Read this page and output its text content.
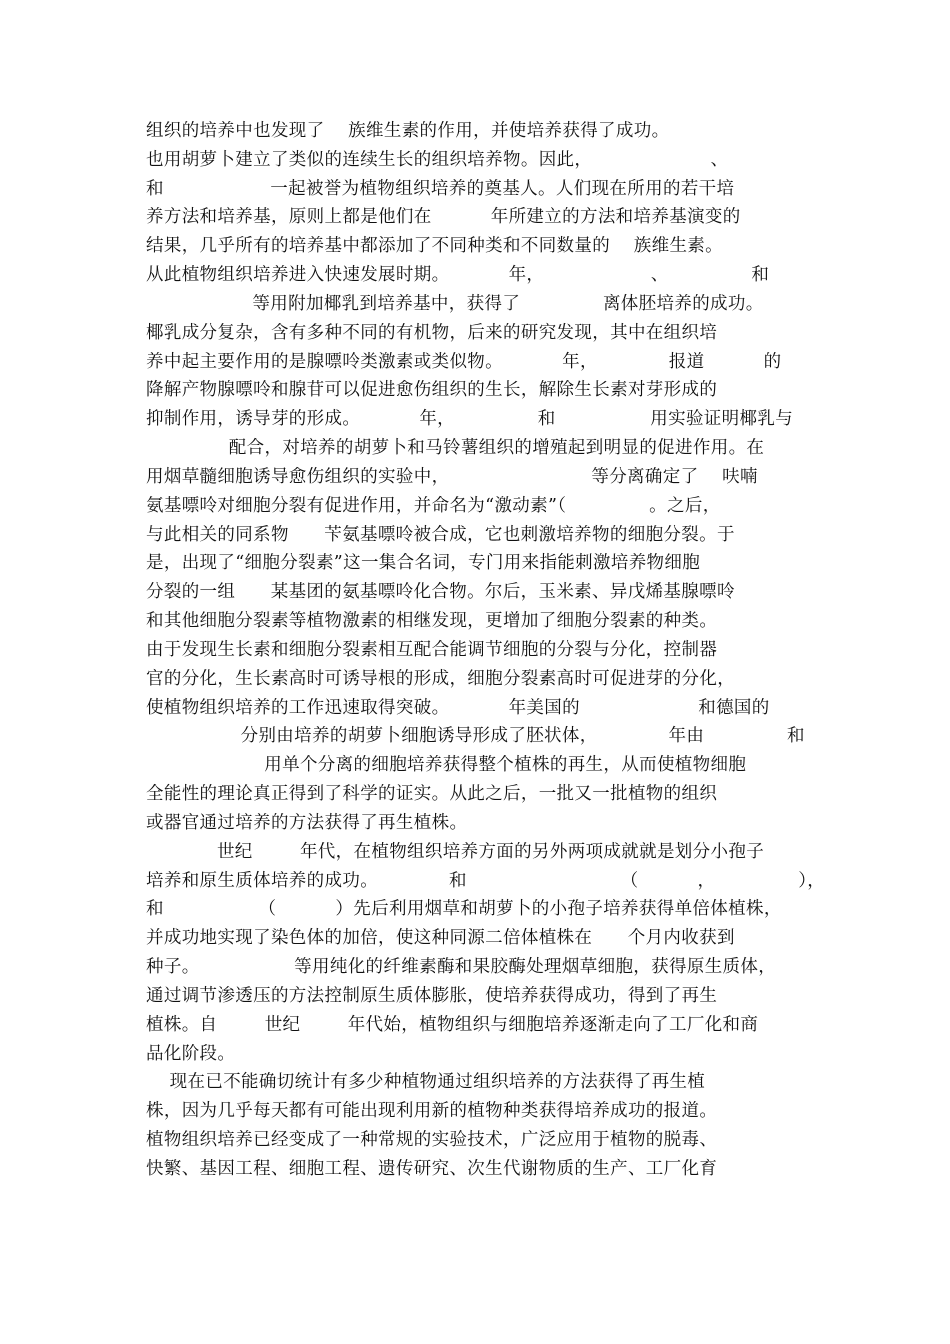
组织的培养中也发现了    族维生素的作用，并使培养获得了成功。
也用胡萝卜建立了类似的连续生长的组织培养物。因此，                    、
和                  一起被誉为植物组织培养的奠基人。人们现在所用的若干培
养方法和培养基，原则上都是他们在          年所建立的方法和培养基演变的
结果，几乎所有的培养基中都添加了不同种类和不同数量的    族维生素。
从此植物组织培养进入快速发展时期。          年，                  、              和
等用附加椰乳到培养基中，获得了              离体胚培养的成功。
椰乳成分复杂，含有多种不同的有机物，后来的研究发现，其中在组织培
养中起主要作用的是腺嘌呤类激素或类似物。          年，            报道          的
降解产物腺嘌呤和腺苷可以促进愈伤组织的生长，解除生长素对芽形成的
抑制作用，诱导芽的形成。          年，              和                用实验证明椰乳与
配合，对培养的胡萝卜和马铃薯组织的增殖起到明显的促进作用。在
用烟草髓细胞诱导愈伤组织的实验中，                        等分离确定了    呋喃
氨基嘌呤对细胞分裂有促进作用，并命名为“激动素”（              。之后，
与此相关的同系物      苄氨基嘌呤被合成，它也刺激培养物的细胞分裂。于
是，出现了“细胞分裂素”这一集合名词，专门用来指能刺激培养物细胞
分裂的一组      某基团的氨基嘌呤化合物。尔后，玉米素、异戊烯基腺嘌呤
和其他细胞分裂素等植物激素的相继发现，更增加了细胞分裂素的种类。
由于发现生长素和细胞分裂素相互配合能调节细胞的分裂与分化，控制器
官的分化，生长素高时可诱导根的形成，细胞分裂素高时可促进芽的分化，
使植物组织培养的工作迅速取得突破。          年美国的                    和德国的
分别由培养的胡萝卜细胞诱导形成了胚状体，            年由              和
用单个分离的细胞培养获得整个植株的再生，从而使植物细胞
全能性的理论真正得到了科学的证实。从此之后，一批又一批植物的组织
或器官通过培养的方法获得了再生植株。
世纪        年代，在植物组织培养方面的另外两项成就就是划分小孢子
培养和原生质体培养的成功。            和                          （          ，              ），
和                （          ）先后利用烟草和胡萝卜的小孢子培养获得单倍体植株，
并成功地实现了染色体的加倍，使这种同源二倍体植株在      个月内收获到
种子。                等用纯化的纤维素酶和果胶酶处理烟草细胞，获得原生质体，
通过调节渗透压的方法控制原生质体膨胀，使培养获得成功，得到了再生
植株。自        世纪        年代始，植物组织与细胞培养逐渐走向了工厂化和商
品化阶段。
现在已不能确切统计有多少种植物通过组织培养的方法获得了再生植
株，因为几乎每天都有可能出现利用新的植物种类获得培养成功的报道。
植物组织培养已经变成了一种常规的实验技术，广泛应用于植物的脱毒、
快繁、基因工程、细胞工程、遗传研究、次生代谢物质的生产、工厂化育
